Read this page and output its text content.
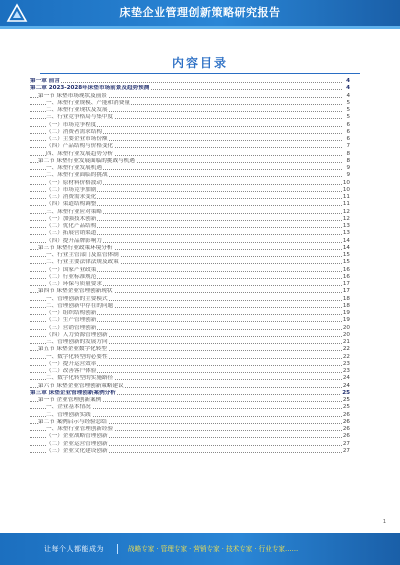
床垫企业管理创新策略研究报告
内容目录
第一章 前言	4
第二章 2023-2028年床垫市场前景及趋势预测	4
第一节 床垫市场现状及前景	4
一、床垫行业规模、产能和消费量	5
二、床垫行业现状及发展	5
三、行业竞争格局与集中度	5
（一）市场竞争程度	6
（二）消费者需求结构	6
（三）主要企业市场份额	6
（四）产品结构与价格变化	7
四、床垫行业发展趋势分析	8
第二节 床垫行业发展面临的挑战与机遇	8
一、床垫行业发展机遇	9
二、床垫行业面临的挑战	9
（一）原材料价格波动	10
（二）市场竞争加剧	10
（三）消费需求变化	11
（四）渠道结构调整	11
三、床垫行业应对策略	12
（一）加强技术创新	12
（二）优化产品结构	13
（三）拓展营销渠道	13
（四）提升品牌影响力	14
第三节 床垫行业政策环境分析	14
一、行业主管部门及监管体制	15
二、行业主要法律法规及政策	15
（一）国家产业政策	16
（二）行业标准规范	16
（三）环保与质量要求	17
第四节 床垫企业管理创新现状	17
一、管理创新的主要模式	18
二、管理创新中存在的问题	18
（一）组织结构创新	19
（二）生产管理创新	19
（三）营销管理创新	20
（四）人力资源管理创新	20
三、管理创新的发展方向	21
第五节 床垫企业数字化转型	22
一、数字化转型的必要性	22
（一）提升运营效率	23
（二）改善客户体验	23
二、数字化转型的实施路径	24
第六节 床垫企业管理创新策略建议	24
第三章 床垫企业管理创新案例分析	25
第一节 企业管理创新案例	25
一、企业基本情况	25
二、管理创新实践	26
第二节 案例启示与经验总结	26
一、床垫行业管理创新经验	26
（一）企业战略管理创新	26
（二）企业运营管理创新	27
（三）企业文化建设创新	27
1
让每个人都能成为	战略专家 · 管理专家 · 营销专家 · 技术专家 · 行业专家……
